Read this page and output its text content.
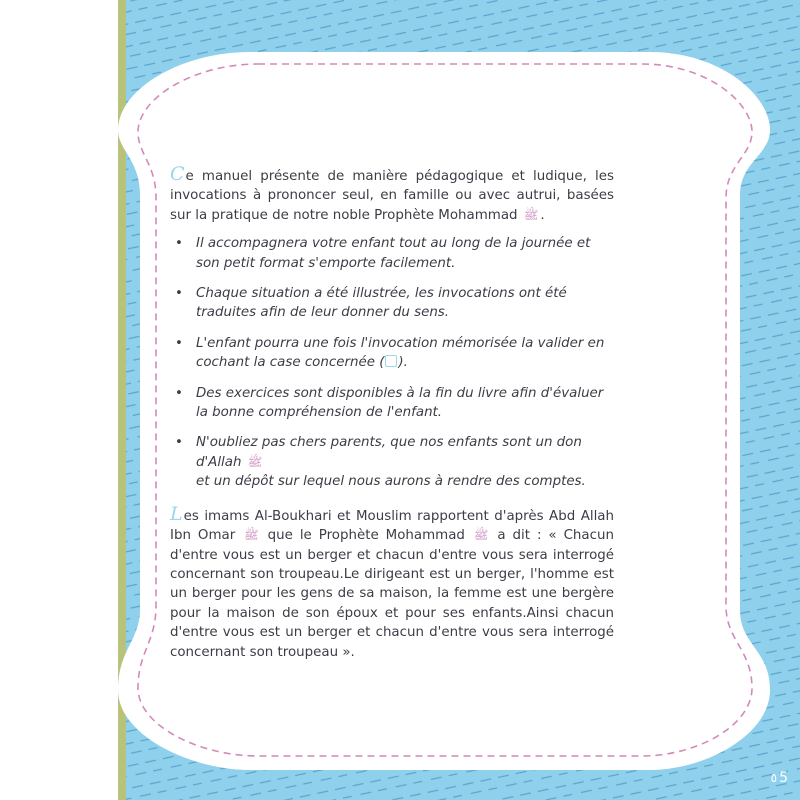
Ce manuel présente de manière pédagogique et ludique, les invocations à prononcer seul, en famille ou avec autrui, basées sur la pratique de notre noble Prophète Mohammad ﷺ .

• Il accompagnera votre enfant tout au long de la journée et son petit format s'emporte facilement.
• Chaque situation a été illustrée, les invocations ont été traduites afin de leur donner du sens.
• L'enfant pourra une fois l'invocation mémorisée la valider en cochant la case concernée ( ).
• Des exercices sont disponibles à la fin du livre afin d'évaluer la bonne compréhension de l'enfant.
• N'oubliez pas chers parents, que nos enfants sont un don d'Allah ﷺ
et un dépôt sur lequel nous aurons à rendre des comptes.

Les imams Al-Boukhari et Mouslim rapportent d'après Abd Allah Ibn Omar ﷺ que le Prophète Mohammad ﷺ a dit : « Chacun d'entre vous est un berger et chacun d'entre vous sera interrogé concernant son troupeau.Le dirigeant est un berger, l'homme est un berger pour les gens de sa maison, la femme est une bergère pour la maison de son époux et pour ses enfants.Ainsi chacun d'entre vous est un berger et chacun d'entre vous sera interrogé concernant son troupeau ».

٥ 5
